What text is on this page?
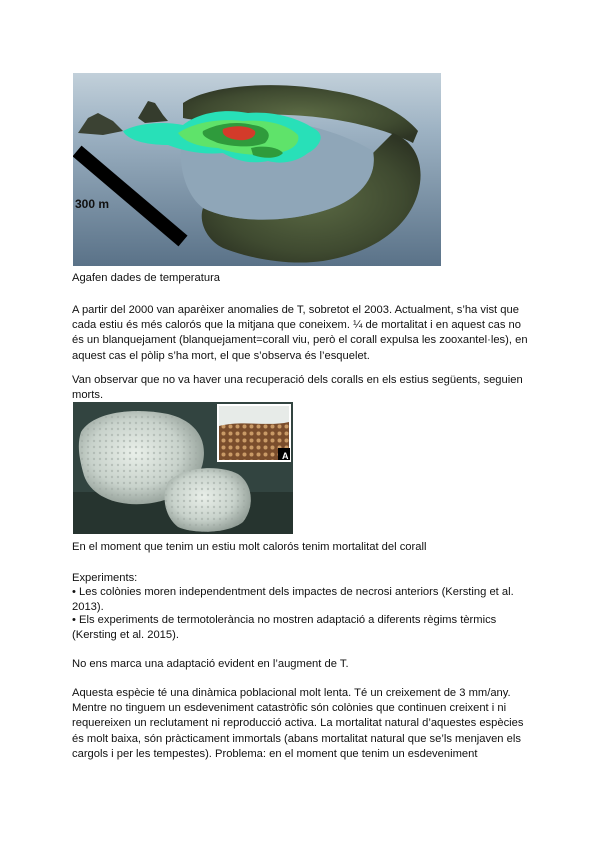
300 m

Agafen dades de temperatura

A partir del 2000 van aparèixer anomalies de T, sobretot el 2003. Actualment, s’ha vist que cada estiu és més calorós que la mitjana que coneixem. ¼ de mortalitat i en aquest cas no és un blanquejament (blanquejament=corall viu, però el corall expulsa les zooxantel·les), en aquest cas el pòlip s’ha mort, el que s’observa és l’esquelet.

Van observar que no va haver una recuperació dels coralls en els estius següents, seguien morts.

A

En el moment que tenim un estiu molt calorós tenim mortalitat del corall

Experiments:

• Les colònies moren independentment dels impactes de necrosi anteriors (Kersting et al. 2013).

• Els experiments de termotolerància no mostren adaptació a diferents règims tèrmics (Kersting et al. 2015).

No ens marca una adaptació evident en l’augment de T.

Aquesta espècie té una dinàmica poblacional molt lenta. Té un creixement de 3 mm/any. Mentre no tinguem un esdeveniment catastròfic són colònies que continuen creixent i ni requereixen un reclutament ni reproducció activa. La mortalitat natural d’aquestes espècies és molt baixa, són pràcticament immortals (abans mortalitat natural que se’ls menjaven els cargols i per les tempestes). Problema: en el moment que tenim un esdeveniment
